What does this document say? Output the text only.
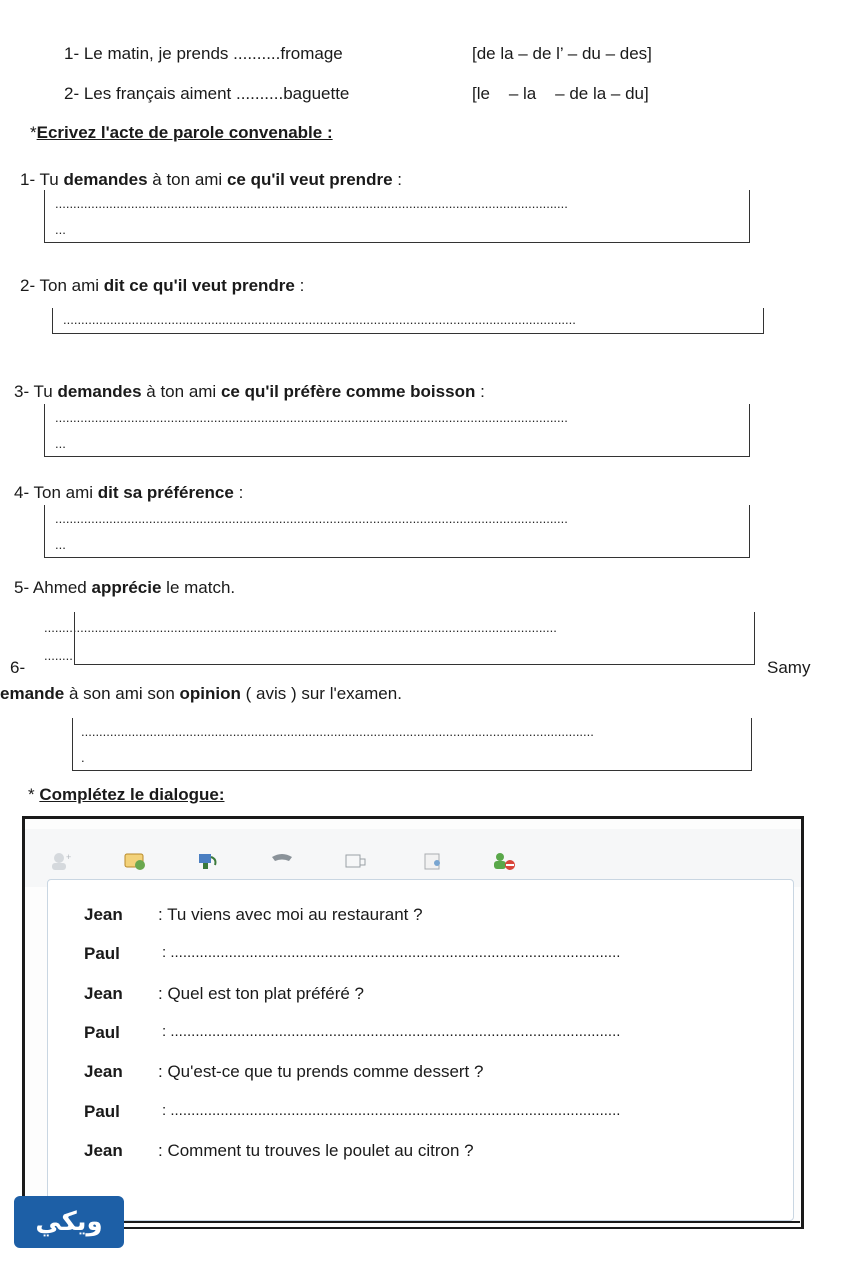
1- Le matin, je prends ..........fromage	[de la – de l’ – du – des]
2- Les français aiment ..........baguette	[le    – la    – de la – du]
*Ecrivez l'acte de parole convenable :
1- Tu demandes à ton ami ce qu'il veut prendre :
..............................................................................................................................................
...
2- Ton ami dit ce qu'il veut prendre :
..............................................................................................................................................
3- Tu demandes à ton ami ce qu'il préfère comme boisson :
..............................................................................................................................................
...
4- Ton ami dit sa préférence :
..............................................................................................................................................
...
5- Ahmed apprécie le match.
..............................................................................................................................................
........
6-	Samy
emande à son ami son opinion ( avis ) sur l'examen.
..............................................................................................................................................
.
* Complétez le dialogue:
+
Jean : Tu viens avec moi au restaurant ?
Paul	: ............................................................................................................
Jean : Quel est ton plat préféré ?
Paul	: ............................................................................................................
Jean : Qu'est-ce que tu prends comme dessert ?
Paul	: ............................................................................................................
Jean : Comment tu trouves le poulet au citron ?
ويكي
